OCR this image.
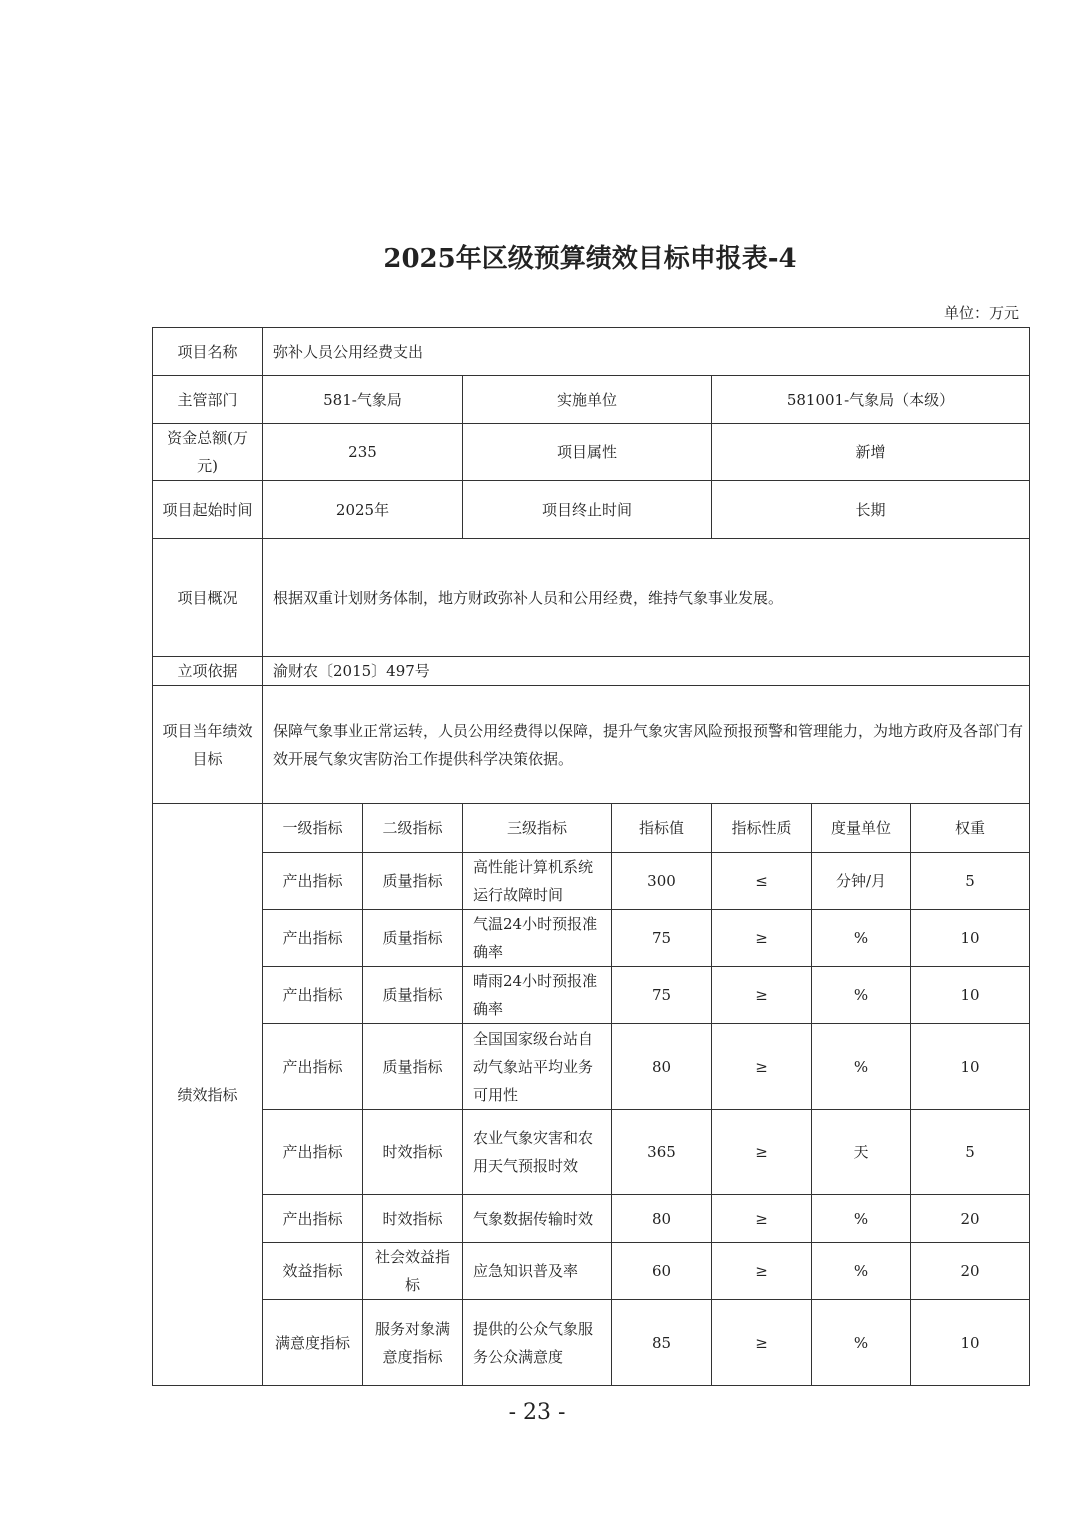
2025年区级预算绩效目标申报表-4
单位：万元
项目名称	弥补人员公用经费支出						
主管部门	581-气象局		实施单位		581001-气象局（本级）		
资金总额(万元)	235		项目属性		新增		
项目起始时间	2025年		项目终止时间		长期		
项目概况	根据双重计划财务体制，地方财政弥补人员和公用经费，维持气象事业发展。						
立项依据	渝财农〔2015〕497号						
项目当年绩效目标	保障气象事业正常运转，人员公用经费得以保障，提升气象灾害风险预报预警和管理能力，为地方政府及各部门有效开展气象灾害防治工作提供科学决策依据。						
绩效指标	一级指标	二级指标	三级指标	指标值	指标性质	度量单位	权重
	产出指标	质量指标	高性能计算机系统运行故障时间	300	≤	分钟/月	5
	产出指标	质量指标	气温24小时预报准确率	75	≥	%	10
	产出指标	质量指标	晴雨24小时预报准确率	75	≥	%	10
	产出指标	质量指标	全国国家级台站自动气象站平均业务可用性	80	≥	%	10
	产出指标	时效指标	农业气象灾害和农用天气预报时效	365	≥	天	5
	产出指标	时效指标	气象数据传输时效	80	≥	%	20
	效益指标	社会效益指标	应急知识普及率	60	≥	%	20
	满意度指标	服务对象满意度指标	提供的公众气象服务公众满意度	85	≥	%	10
- 23 -
